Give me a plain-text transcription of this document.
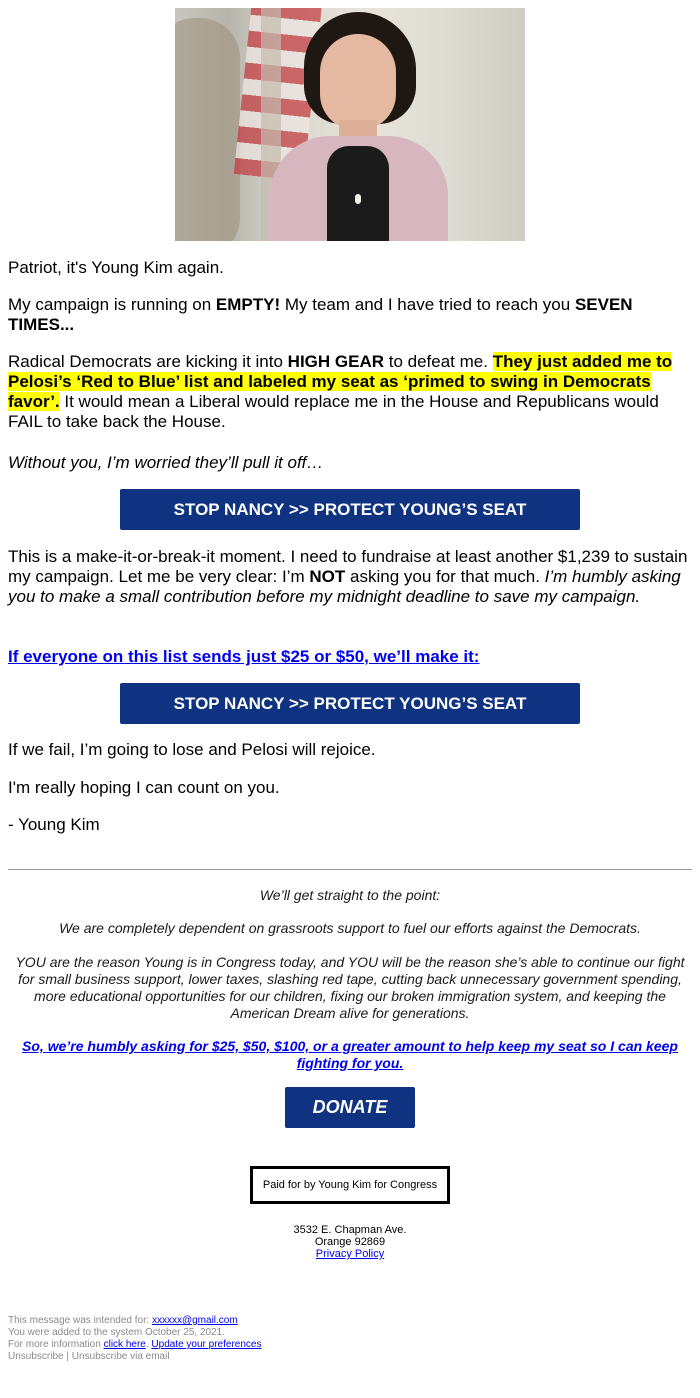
Patriot, it's Young Kim again.

My campaign is running on EMPTY! My team and I have tried to reach you SEVEN TIMES...

Radical Democrats are kicking it into HIGH GEAR to defeat me. They just added me to Pelosi’s ‘Red to Blue’ list and labeled my seat as ‘primed to swing in Democrats favor’. It would mean a Liberal would replace me in the House and Republicans would FAIL to take back the House.

Without you, I’m worried they’ll pull it off…

STOP NANCY >> PROTECT YOUNG’S SEAT

This is a make-it-or-break-it moment. I need to fundraise at least another $1,239 to sustain my campaign. Let me be very clear: I’m NOT asking you for that much. I’m humbly asking you to make a small contribution before my midnight deadline to save my campaign.

If everyone on this list sends just $25 or $50, we’ll make it:

STOP NANCY >> PROTECT YOUNG’S SEAT

If we fail, I’m going to lose and Pelosi will rejoice.

I'm really hoping I can count on you.

- Young Kim

We’ll get straight to the point:

We are completely dependent on grassroots support to fuel our efforts against the Democrats.

YOU are the reason Young is in Congress today, and YOU will be the reason she’s able to continue our fight for small business support, lower taxes, slashing red tape, cutting back unnecessary government spending, more educational opportunities for our children, fixing our broken immigration system, and keeping the American Dream alive for generations.

So, we’re humbly asking for $25, $50, $100, or a greater amount to help keep my seat so I can keep fighting for you.

DONATE
Paid for by Young Kim for Congress

3532 E. Chapman Ave.

Orange 92869

Privacy Policy

This message was intended for: xxxxxx@gmail.com

You were added to the system October 25, 2021.

For more information click here. Update your preferences

Unsubscribe | Unsubscribe via email
